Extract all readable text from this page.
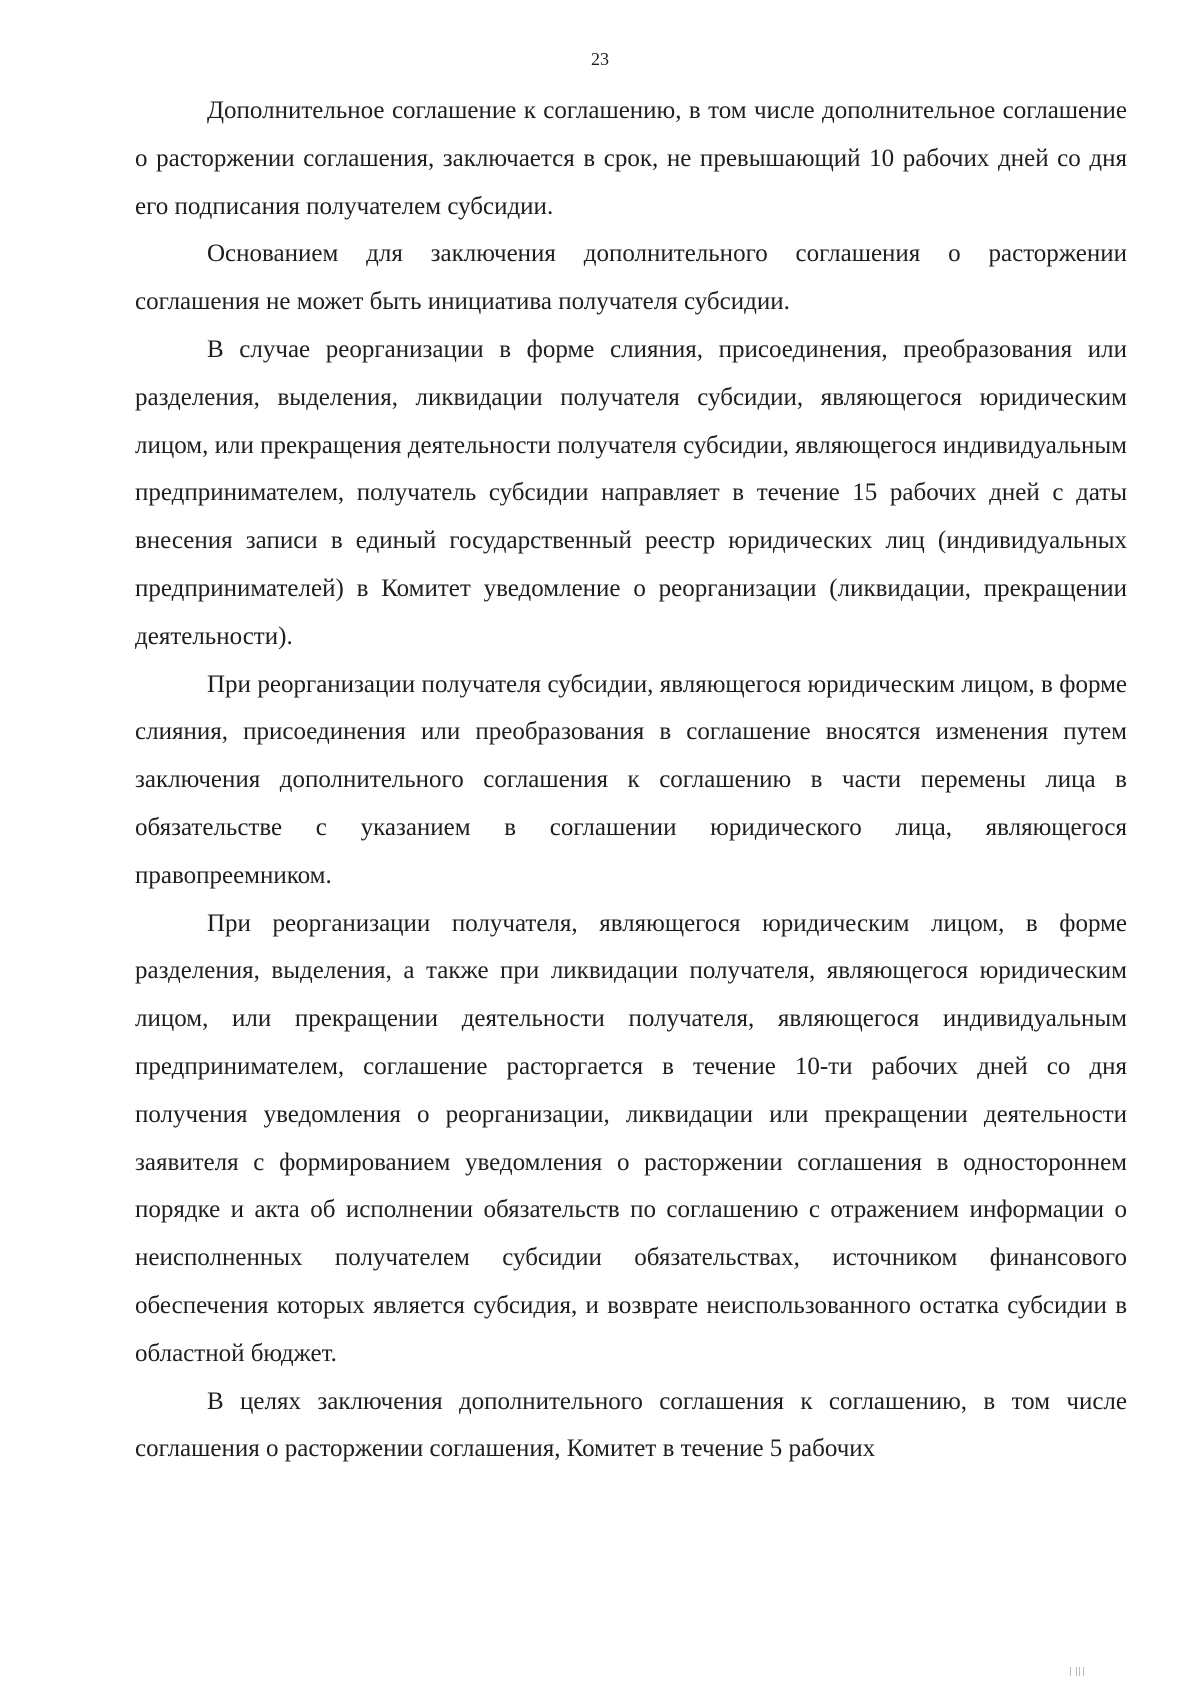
23

Дополнительное соглашение к соглашению, в том числе дополнительное соглашение о расторжении соглашения, заключается в срок, не превышающий 10 рабочих дней со дня его подписания получателем субсидии.

Основанием для заключения дополнительного соглашения о расторжении соглашения не может быть инициатива получателя субсидии.

В случае реорганизации в форме слияния, присоединения, преобразования или разделения, выделения, ликвидации получателя субсидии, являющегося юридическим лицом, или прекращения деятельности получателя субсидии, являющегося индивидуальным предпринимателем, получатель субсидии направляет в течение 15 рабочих дней с даты внесения записи в единый государственный реестр юридических лиц (индивидуальных предпринимателей) в Комитет уведомление о реорганизации (ликвидации, прекращении деятельности).

При реорганизации получателя субсидии, являющегося юридическим лицом, в форме слияния, присоединения или преобразования в соглашение вносятся изменения путем заключения дополнительного соглашения к соглашению в части перемены лица в обязательстве с указанием в соглашении юридического лица, являющегося правопреемником.

При реорганизации получателя, являющегося юридическим лицом, в форме разделения, выделения, а также при ликвидации получателя, являющегося юридическим лицом, или прекращении деятельности получателя, являющегося индивидуальным предпринимателем, соглашение расторгается в течение 10-ти рабочих дней со дня получения уведомления о реорганизации, ликвидации или прекращении деятельности заявителя с формированием уведомления о расторжении соглашения в одностороннем порядке и акта об исполнении обязательств по соглашению с отражением информации о неисполненных получателем субсидии обязательствах, источником финансового обеспечения которых является субсидия, и возврате неиспользованного остатка субсидии в областной бюджет.

В целях заключения дополнительного соглашения к соглашению, в том числе соглашения о расторжении соглашения, Комитет в течение 5 рабочих
